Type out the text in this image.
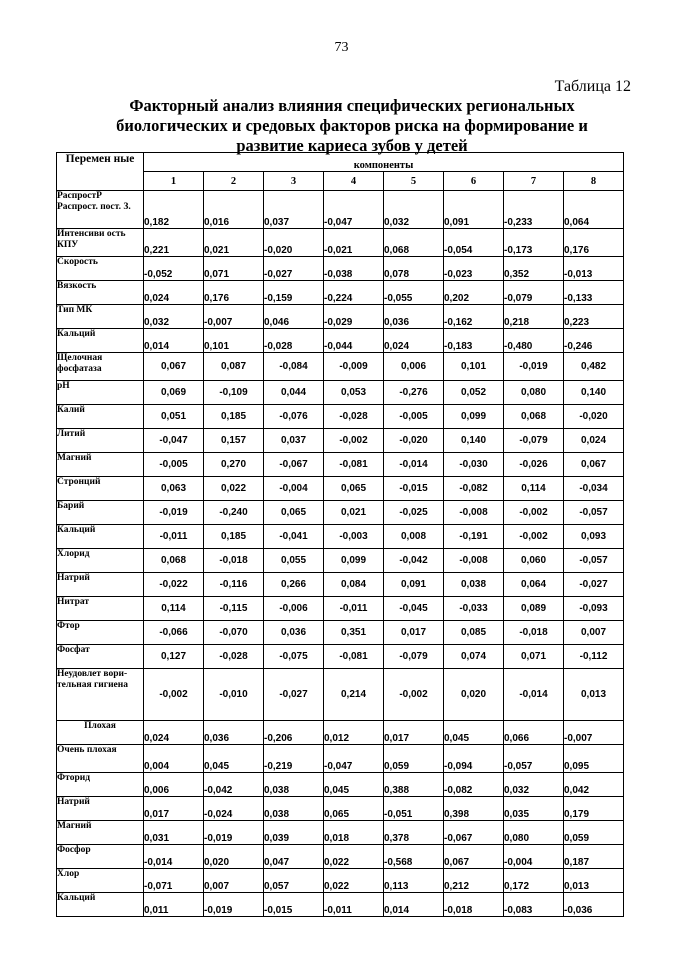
73
Таблица 12
Факторный анализ влияния специфических региональных биологических и средовых факторов риска на формирование и развитие кариеса зубов у детей
Перемен ные	компоненты							
	1	2	3	4	5	6	7	8
РаспростР Распрост. пост. З.	0,182	0,016	0,037	-0,047	0,032	0,091	-0,233	0,064
Интенсиви ость КПУ	0,221	0,021	-0,020	-0,021	0,068	-0,054	-0,173	0,176
Скорость	-0,052	0,071	-0,027	-0,038	0,078	-0,023	0,352	-0,013
Вязкость	0,024	0,176	-0,159	-0,224	-0,055	0,202	-0,079	-0,133
Тип МК	0,032	-0,007	0,046	-0,029	0,036	-0,162	0,218	0,223
Кальций	0,014	0,101	-0,028	-0,044	0,024	-0,183	-0,480	-0,246
Щелочная фосфатаза	0,067	0,087	-0,084	-0,009	0,006	0,101	-0,019	0,482
pH	0,069	-0,109	0,044	0,053	-0,276	0,052	0,080	0,140
Калий	0,051	0,185	-0,076	-0,028	-0,005	0,099	0,068	-0,020
Литий	-0,047	0,157	0,037	-0,002	-0,020	0,140	-0,079	0,024
Магний	-0,005	0,270	-0,067	-0,081	-0,014	-0,030	-0,026	0,067
Стронций	0,063	0,022	-0,004	0,065	-0,015	-0,082	0,114	-0,034
Барий	-0,019	-0,240	0,065	0,021	-0,025	-0,008	-0,002	-0,057
Кальций	-0,011	0,185	-0,041	-0,003	0,008	-0,191	-0,002	0,093
Хлорид	0,068	-0,018	0,055	0,099	-0,042	-0,008	0,060	-0,057
Натрий	-0,022	-0,116	0,266	0,084	0,091	0,038	0,064	-0,027
Нитрат	0,114	-0,115	-0,006	-0,011	-0,045	-0,033	0,089	-0,093
Фтор	-0,066	-0,070	0,036	0,351	0,017	0,085	-0,018	0,007
Фосфат	0,127	-0,028	-0,075	-0,081	-0,079	0,074	0,071	-0,112
Неудовлет вори- тельная гигиена	-0,002	-0,010	-0,027	0,214	-0,002	0,020	-0,014	0,013
Плохая	0,024	0,036	-0,206	0,012	0,017	0,045	0,066	-0,007
Очень плохая	0,004	0,045	-0,219	-0,047	0,059	-0,094	-0,057	0,095
Фторид	0,006	-0,042	0,038	0,045	0,388	-0,082	0,032	0,042
Натрий	0,017	-0,024	0,038	0,065	-0,051	0,398	0,035	0,179
Магний	0,031	-0,019	0,039	0,018	0,378	-0,067	0,080	0,059
Фосфор	-0,014	0,020	0,047	0,022	-0,568	0,067	-0,004	0,187
Хлор	-0,071	0,007	0,057	0,022	0,113	0,212	0,172	0,013
Кальций	0,011	-0,019	-0,015	-0,011	0,014	-0,018	-0,083	-0,036
